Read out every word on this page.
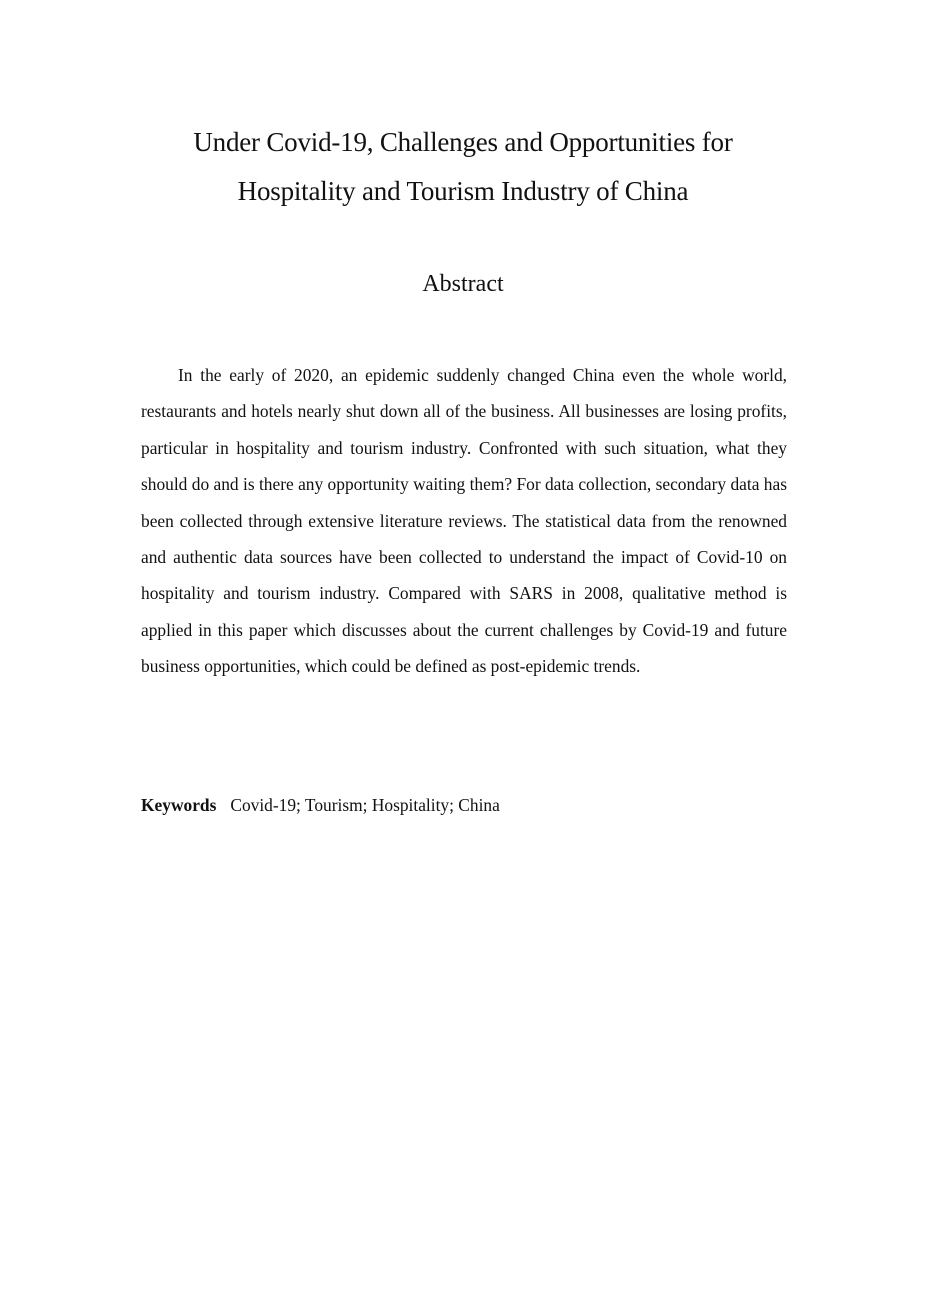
Under Covid-19, Challenges and Opportunities for
Hospitality and Tourism Industry of China
Abstract

In the early of 2020, an epidemic suddenly changed China even the whole world, restaurants and hotels nearly shut down all of the business. All businesses are losing profits, particular in hospitality and tourism industry. Confronted with such situation, what they should do and is there any opportunity waiting them? For data collection, secondary data has been collected through extensive literature reviews. The statistical data from the renowned and authentic data sources have been collected to understand the impact of Covid-10 on hospitality and tourism industry. Compared with SARS in 2008, qualitative method is applied in this paper which discusses about the current challenges by Covid-19 and future business opportunities, which could be defined as post-epidemic trends.

Keywords Covid-19; Tourism; Hospitality; China
